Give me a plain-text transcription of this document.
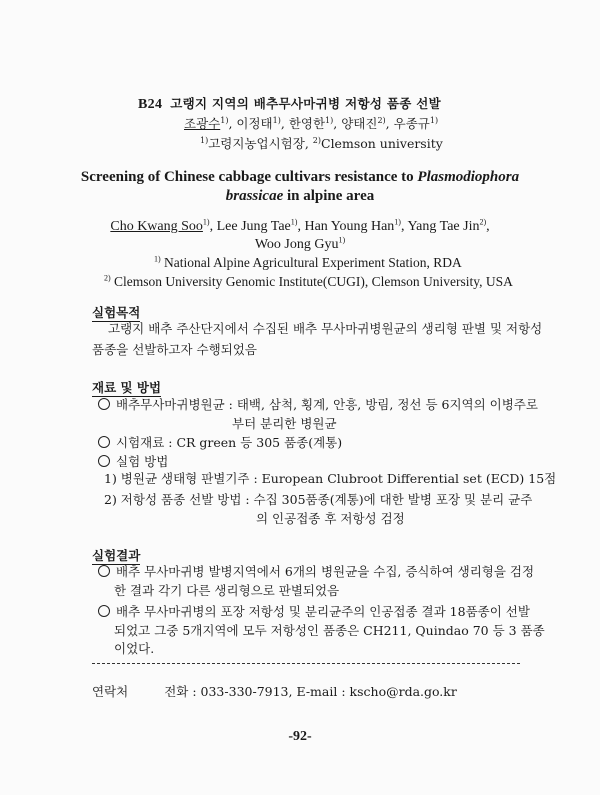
B24 고랭지 지역의 배추무사마귀병 저항성 품종 선발
조광수$^{1)}$, 이정태$^{1)}$, 한영한$^{1)}$, 양태진$^{2)}$, 우종규$^{1)}$
$^{1)}$고령지농업시험장, $^{2)}$Clemson university
Screening of Chinese cabbage cultivars resistance to Plasmodiophora
brassicae in alpine area
Cho Kwang Soo$^{1)}$, Lee Jung Tae$^{1)}$, Han Young Han$^{1)}$, Yang Tae Jin$^{2)}$,
Woo Jong Gyu$^{1)}$
$^{1)}$ National Alpine Agricultural Experiment Station, RDA
$^{2)}$ Clemson University Genomic Institute(CUGI), Clemson University, USA
실험목적
고랭지 배추 주산단지에서 수집된 배추 무사마귀병원균의 생리형 판별 및 저항성
품종을 선발하고자 수행되었음
재료 및 방법
배추무사마귀병원균 : 태백, 삼척, 횡계, 안흥, 방림, 정선 등 6지역의 이병주로
부터 분리한 병원균
시험재료 : CR green 등 305 품종(계통)
실험 방법
1) 병원균 생태형 판별기주 : European Clubroot Differential set (ECD) 15점
2) 저항성 품종 선발 방법 : 수집 305품종(계통)에 대한 발병 포장 및 분리 균주
의 인공접종 후 저항성 검정
실험결과
배추 무사마귀병 발병지역에서 6개의 병원균을 수집, 증식하여 생리형을 검정
한 결과 각기 다른 생리형으로 판별되었음
배추 무사마귀병의 포장 저항성 및 분리균주의 인공접종 결과 18품종이 선발
되었고 그중 5개지역에 모두 저항성인 품종은 CH211, Quindao 70 등 3 품종
이었다.
연락처	전화 : 033-330-7913, E-mail : kscho@rda.go.kr
-92-
